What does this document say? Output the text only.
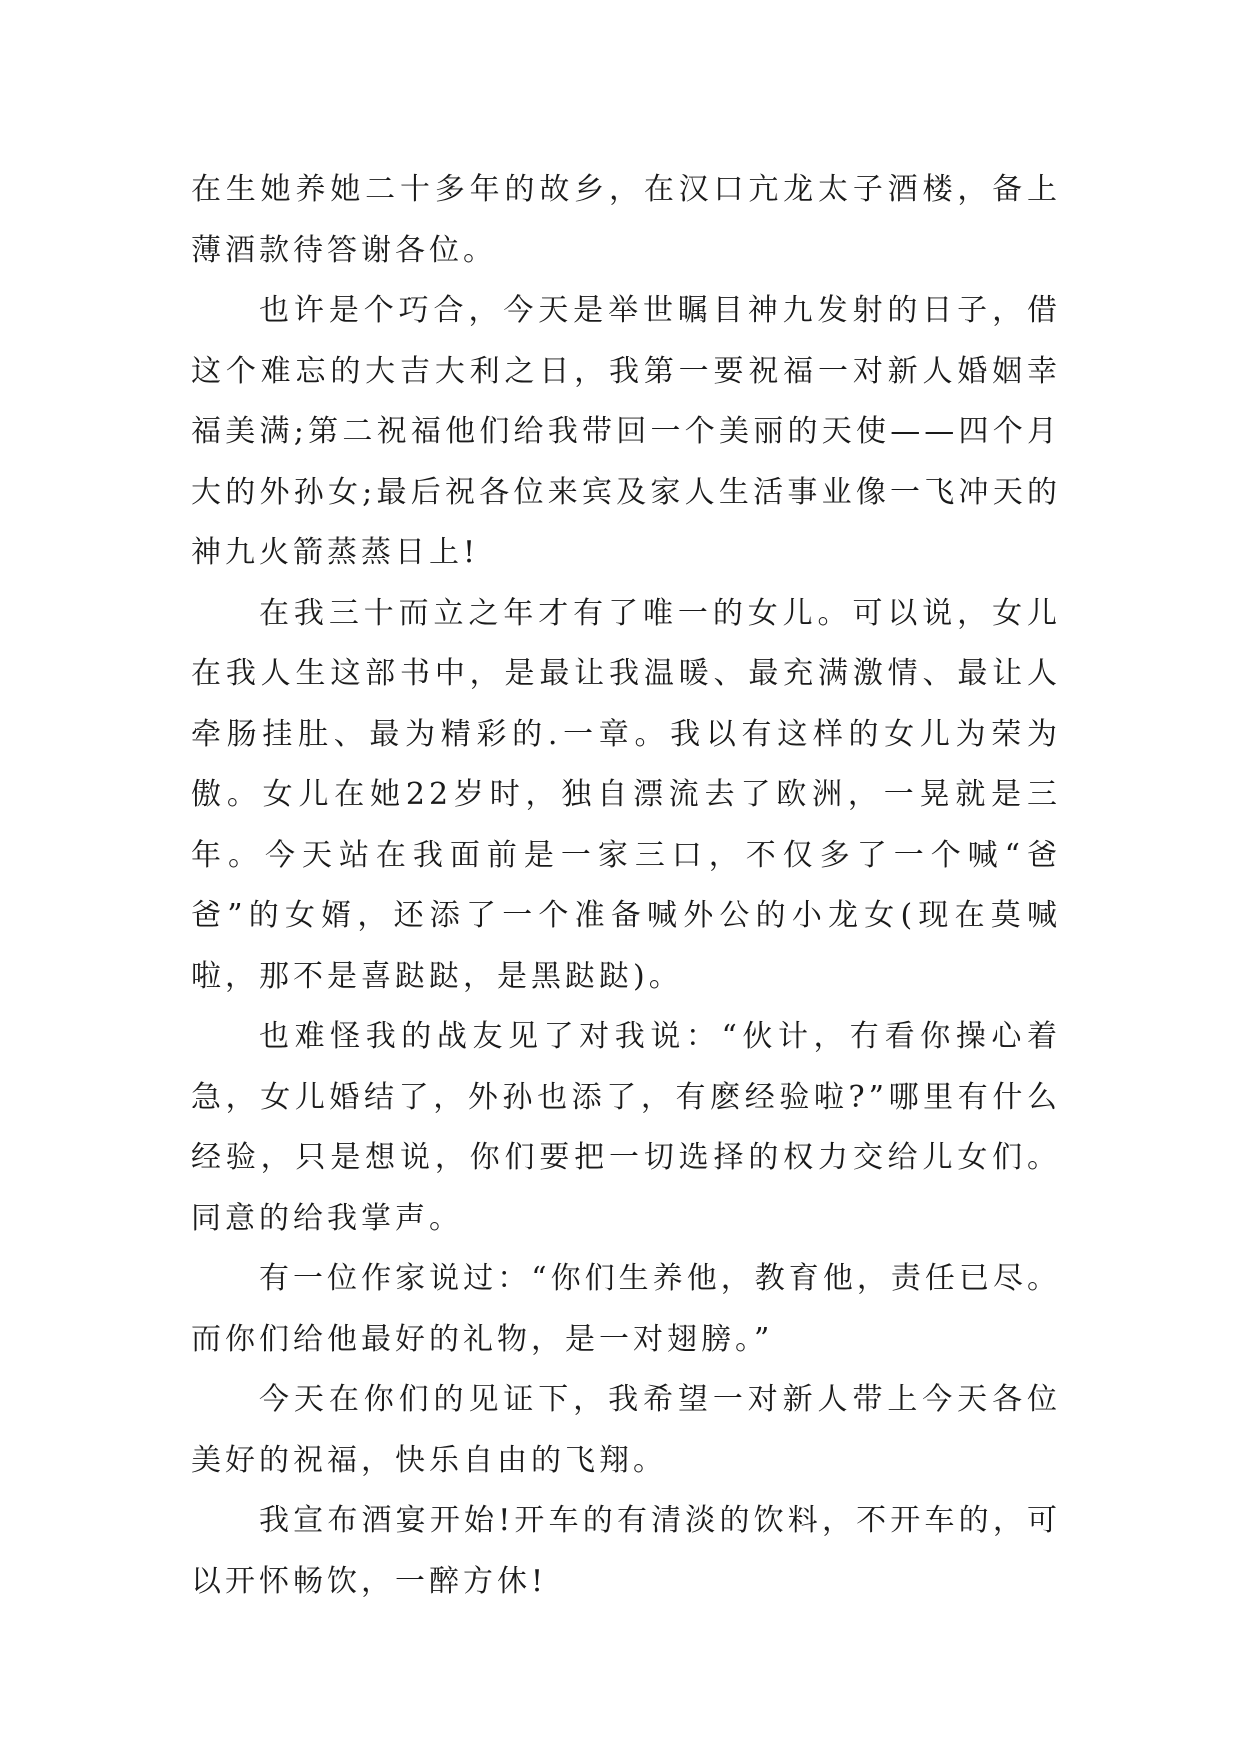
在生她养她二十多年的故乡，在汉口亢龙太子酒楼，备上薄酒款待答谢各位。

也许是个巧合，今天是举世瞩目神九发射的日子，借这个难忘的大吉大利之日，我第一要祝福一对新人婚姻幸福美满;第二祝福他们给我带回一个美丽的天使——四个月大的外孙女;最后祝各位来宾及家人生活事业像一飞冲天的神九火箭蒸蒸日上!

在我三十而立之年才有了唯一的女儿。可以说，女儿在我人生这部书中，是最让我温暖、最充满激情、最让人牵肠挂肚、最为精彩的.一章。我以有这样的女儿为荣为傲。女儿在她22岁时，独自漂流去了欧洲，一晃就是三年。今天站在我面前是一家三口，不仅多了一个喊“爸爸”的女婿，还添了一个准备喊外公的小龙女(现在莫喊啦，那不是喜跶跶，是黑跶跶)。

也难怪我的战友见了对我说：“伙计，冇看你操心着急，女儿婚结了，外孙也添了，有麽经验啦?”哪里有什么经验，只是想说，你们要把一切选择的权力交给儿女们。同意的给我掌声。

有一位作家说过：“你们生养他，教育他，责任已尽。而你们给他最好的礼物，是一对翅膀。”

今天在你们的见证下，我希望一对新人带上今天各位美好的祝福，快乐自由的飞翔。

我宣布酒宴开始!开车的有清淡的饮料，不开车的，可以开怀畅饮，一醉方休!
